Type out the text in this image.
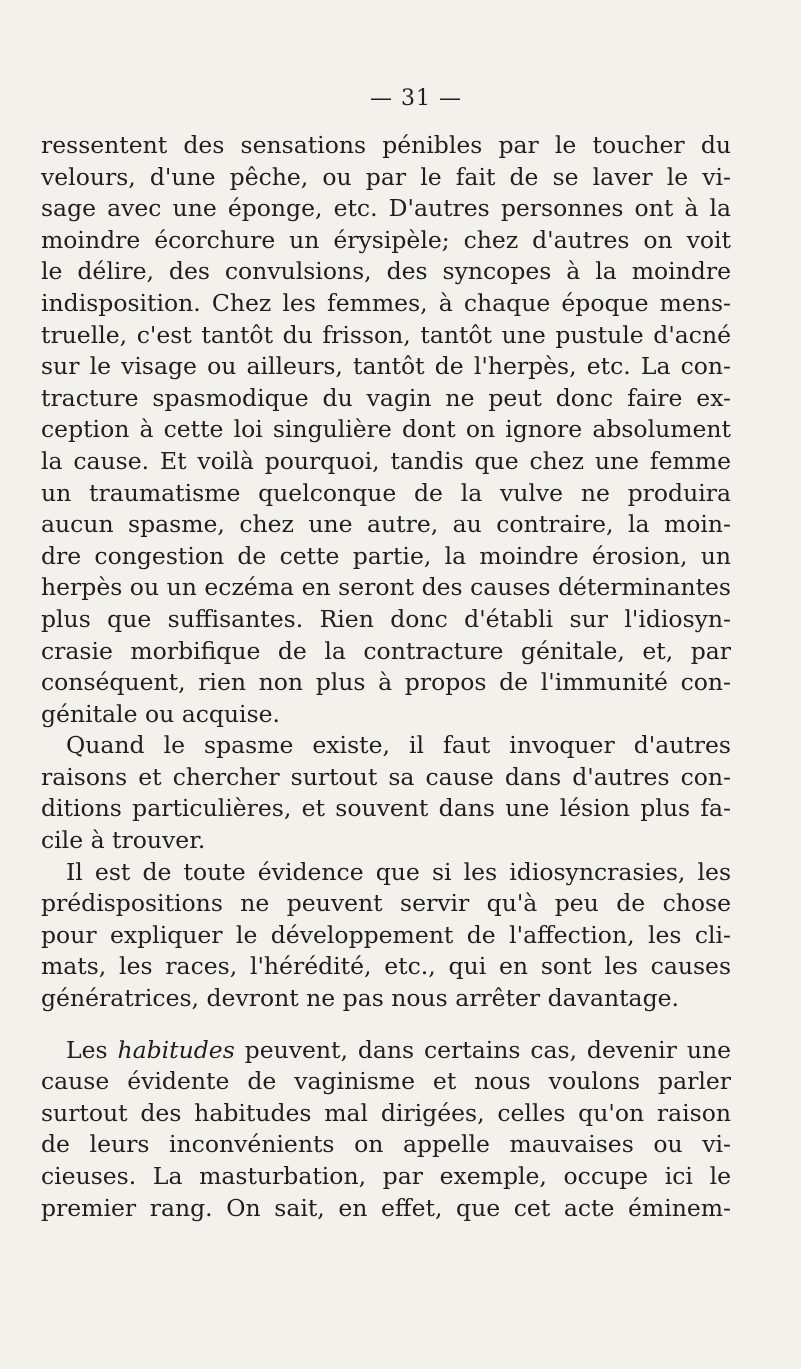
— 31 —

ressentent des sensations pénibles par le toucher du
velours, d'une pêche, ou par le fait de se laver le vi-
sage avec une éponge, etc. D'autres personnes ont à la
moindre écorchure un érysipèle; chez d'autres on voit
le délire, des convulsions, des syncopes à la moindre
indisposition. Chez les femmes, à chaque époque mens-
truelle, c'est tantôt du frisson, tantôt une pustule d'acné
sur le visage ou ailleurs, tantôt de l'herpès, etc. La con-
tracture spasmodique du vagin ne peut donc faire ex-
ception à cette loi singulière dont on ignore absolument
la cause. Et voilà pourquoi, tandis que chez une femme
un traumatisme quelconque de la vulve ne produira
aucun spasme, chez une autre, au contraire, la moin-
dre congestion de cette partie, la moindre érosion, un
herpès ou un eczéma en seront des causes déterminantes
plus que suffisantes. Rien donc d'établi sur l'idiosyn-
crasie morbifique de la contracture génitale, et, par
conséquent, rien non plus à propos de l'immunité con-
génitale ou acquise.

Quand le spasme existe, il faut invoquer d'autres
raisons et chercher surtout sa cause dans d'autres con-
ditions particulières, et souvent dans une lésion plus fa-
cile à trouver.

Il est de toute évidence que si les idiosyncrasies, les
prédispositions ne peuvent servir qu'à peu de chose
pour expliquer le développement de l'affection, les cli-
mats, les races, l'hérédité, etc., qui en sont les causes
génératrices, devront ne pas nous arrêter davantage.

Les habitudes peuvent, dans certains cas, devenir une
cause évidente de vaginisme et nous voulons parler
surtout des habitudes mal dirigées, celles qu'on raison
de leurs inconvénients on appelle mauvaises ou vi-
cieuses. La masturbation, par exemple, occupe ici le
premier rang. On sait, en effet, que cet acte éminem-
